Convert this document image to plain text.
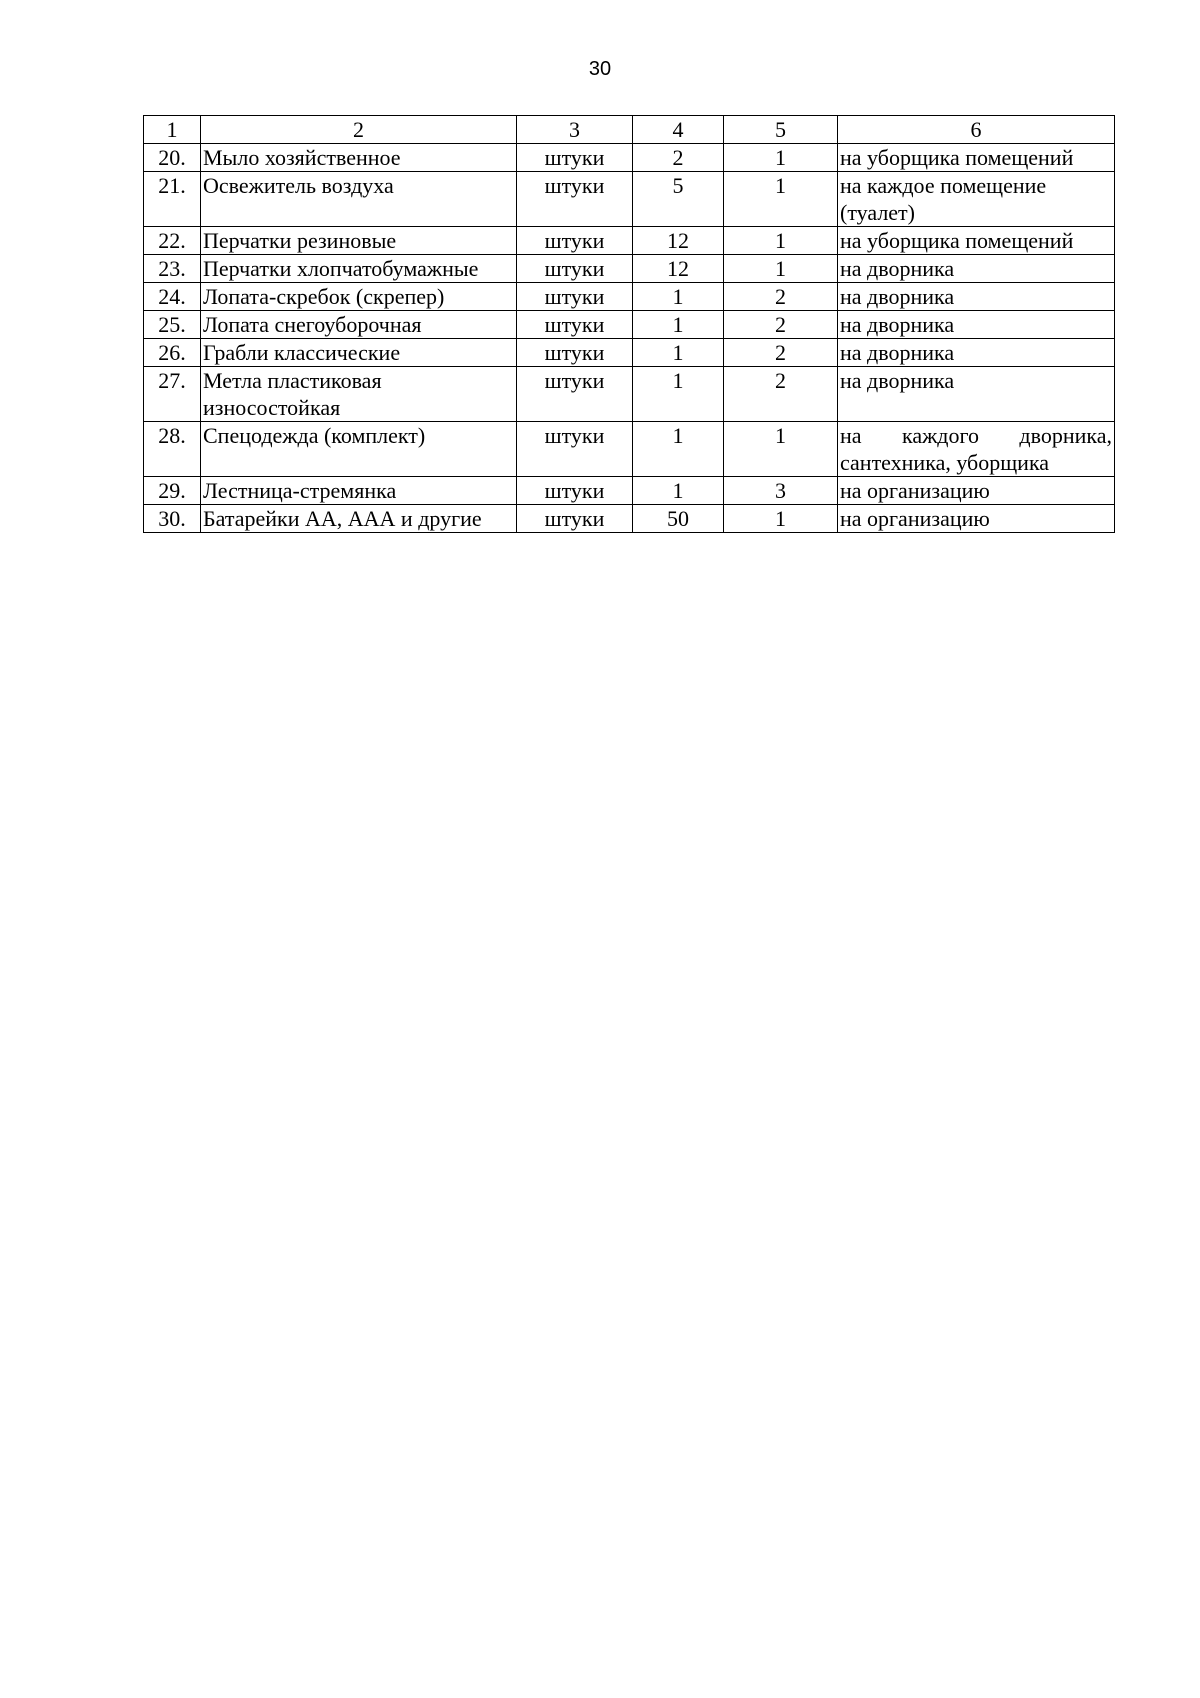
30
1	2	3	4	5	6
20.	Мыло хозяйственное	штуки	2	1	на уборщика помещений
21.	Освежитель воздуха	штуки	5	1	на каждое помещение (туалет)
22.	Перчатки резиновые	штуки	12	1	на уборщика помещений
23.	Перчатки хлопчатобумажные	штуки	12	1	на дворника
24.	Лопата-скребок (скрепер)	штуки	1	2	на дворника
25.	Лопата снегоуборочная	штуки	1	2	на дворника
26.	Грабли классические	штуки	1	2	на дворника
27.	Метла пластиковая износостойкая	штуки	1	2	на дворника
28.	Спецодежда (комплект)	штуки	1	1	на каждого дворника, сантехника, уборщика
29.	Лестница-стремянка	штуки	1	3	на организацию
30.	Батарейки АА, ААА и другие	штуки	50	1	на организацию
